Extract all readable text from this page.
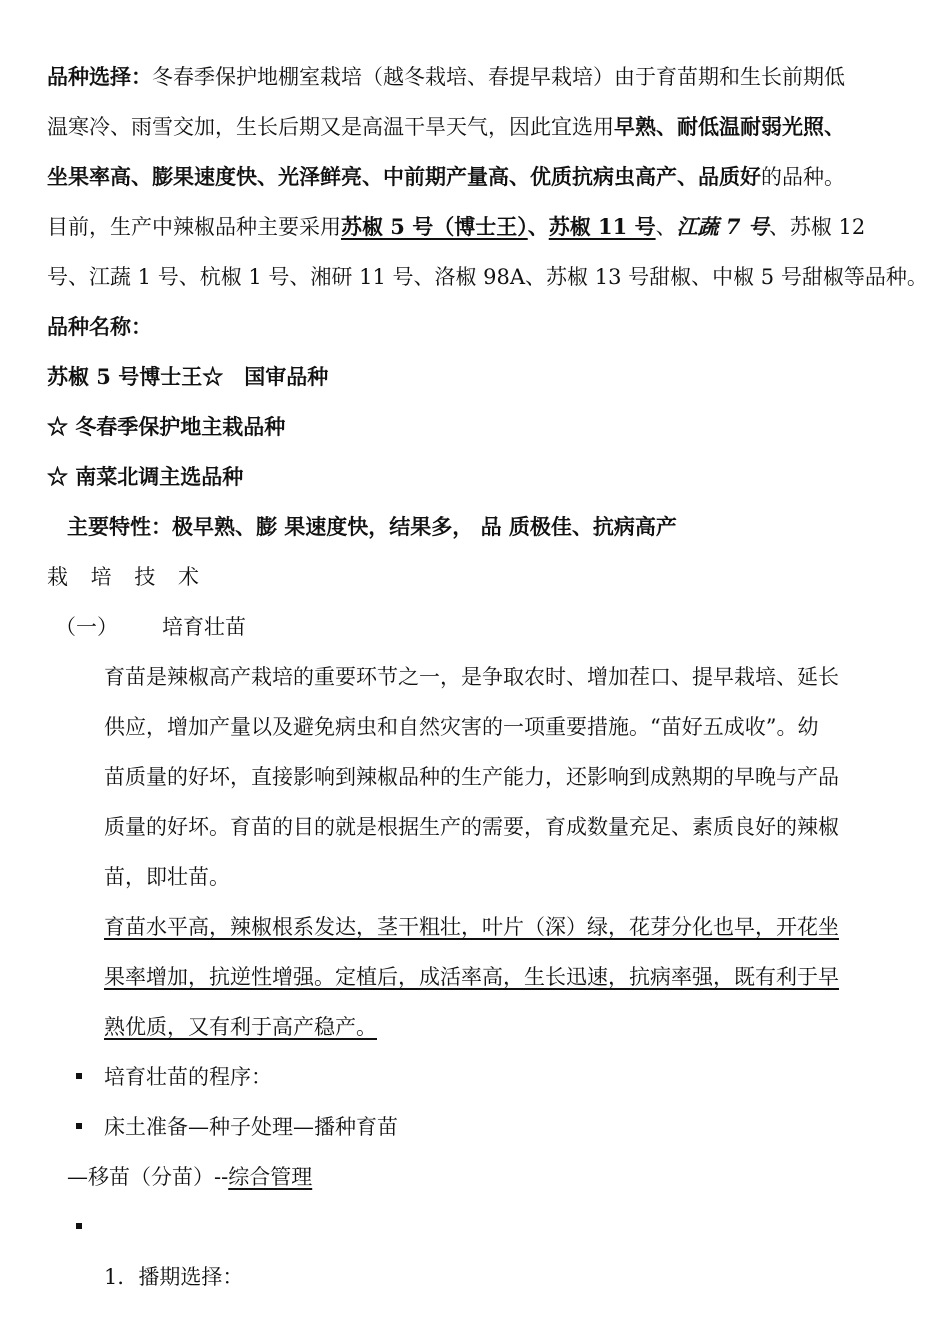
品种选择：冬春季保护地棚室栽培（越冬栽培、春提早栽培）由于育苗期和生长前期低

温寒冷、雨雪交加，生长后期又是高温干旱天气，因此宜选用早熟、耐低温耐弱光照、

坐果率高、膨果速度快、光泽鲜亮、中前期产量高、优质抗病虫高产、品质好的品种。

目前，生产中辣椒品种主要采用苏椒 5 号（博士王）、苏椒 11 号、江蔬 7 号、苏椒 12

号、江蔬 1 号、杭椒 1 号、湘研 11 号、洛椒 98A、苏椒 13 号甜椒、中椒 5 号甜椒等品种。

品种名称：

苏椒 5 号博士王☆　国审品种

☆ 冬春季保护地主栽品种

☆ 南菜北调主选品种

主要特性：极早熟、膨 果速度快，结果多， 品 质极佳、抗病高产

栽 培 技 术

（一） 培育壮苗

育苗是辣椒高产栽培的重要环节之一，是争取农时、增加茬口、提早栽培、延长

供应，增加产量以及避免病虫和自然灾害的一项重要措施。“苗好五成收”。幼

苗质量的好坏，直接影响到辣椒品种的生产能力，还影响到成熟期的早晚与产品

质量的好坏。育苗的目的就是根据生产的需要，育成数量充足、素质良好的辣椒

苗，即壮苗。

育苗水平高，辣椒根系发达，茎干粗壮，叶片（深）绿，花芽分化也早，开花坐

果率增加，抗逆性增强。定植后，成活率高，生长迅速，抗病率强，既有利于早

熟优质，又有利于高产稳产。

培育壮苗的程序：

床土准备—种子处理—播种育苗

—移苗（分苗）--综合管理

1．播期选择：
